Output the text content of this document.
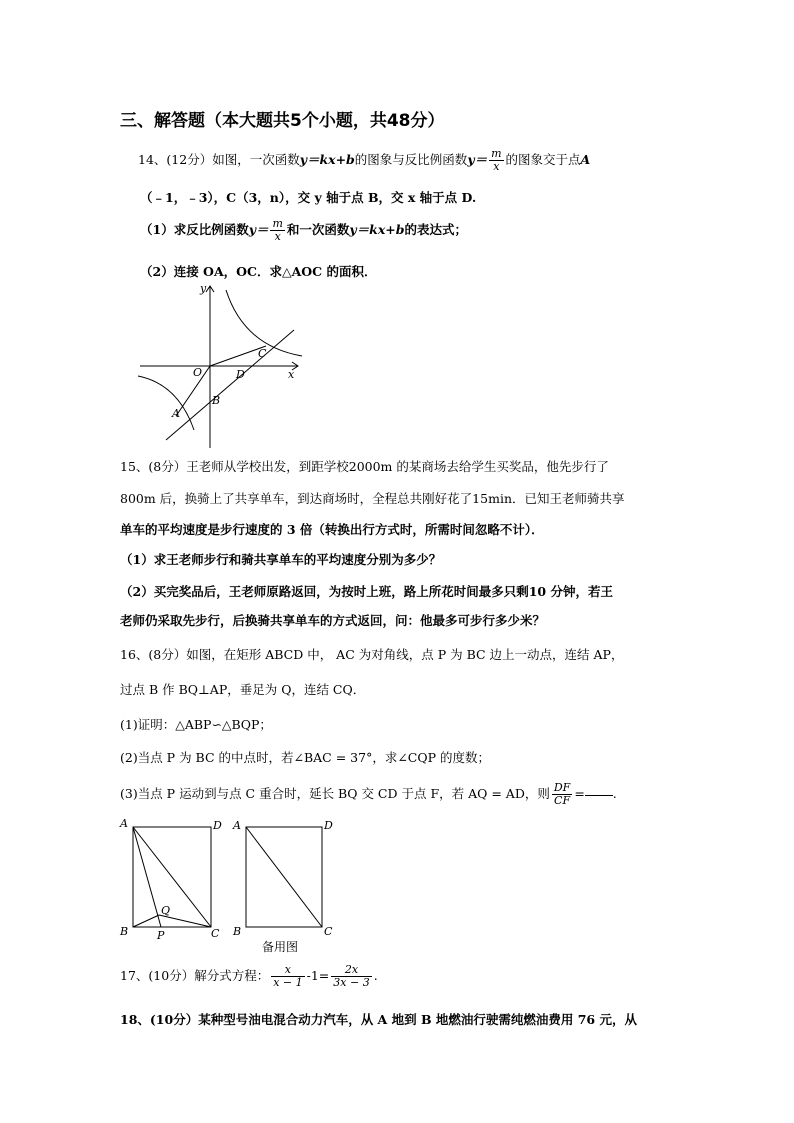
三、解答题（本大题共5个小题，共48分）
14、(12分）如图，一次函数y＝kx+b的图象与反比例函数$y= \frac{m}{x}$ 的图象交于点A
（﹣1，﹣3），C（3，n），交 y 轴于点 B，交 x 轴于点 D.
（1）求反比例函数$y= \frac{m}{x}$ 和一次函数y＝kx+b的表达式；
（2）连接 OA，OC．求△AOC 的面积．
y
x
O	D
C
B
A
15、(8分）王老师从学校出发，到距学校2000m 的某商场去给学生买奖品，他先步行了
800m 后，换骑上了共享单车，到达商场时，全程总共刚好花了15min．已知王老师骑共享
单车的平均速度是步行速度的 3 倍（转换出行方式时，所需时间忽略不计）．
（1）求王老师步行和骑共享单车的平均速度分别为多少？
（2）买完奖品后，王老师原路返回，为按时上班，路上所花时间最多只剩10 分钟，若王
老师仍采取先步行，后换骑共享单车的方式返回，问：他最多可步行多少米？
16、(8分）如图，在矩形 ABCD 中， AC 为对角线，点 P 为 BC 边上一动点，连结 AP，
过点 B 作 BQ⊥AP，垂足为 Q，连结 CQ．
(1)证明：△ABP∽△BQP；
(2)当点 P 为 BC 的中点时，若∠BAC = 37°，求∠CQP 的度数；
(3)当点 P 运动到与点 C 重合时，延长 BQ 交 CD 于点 F，若 AQ = AD，则 $\frac{DF}{CF}$ = .
A	D
B	P	C
Q
A	D
B	C
备用图
17、(10分）解分式方程： $\frac{x}{x - 1} -1= \frac{2x}{3x - 3}$ .
18、(10分）某种型号油电混合动力汽车，从 A 地到 B 地燃油行驶需纯燃油费用 76 元，从
